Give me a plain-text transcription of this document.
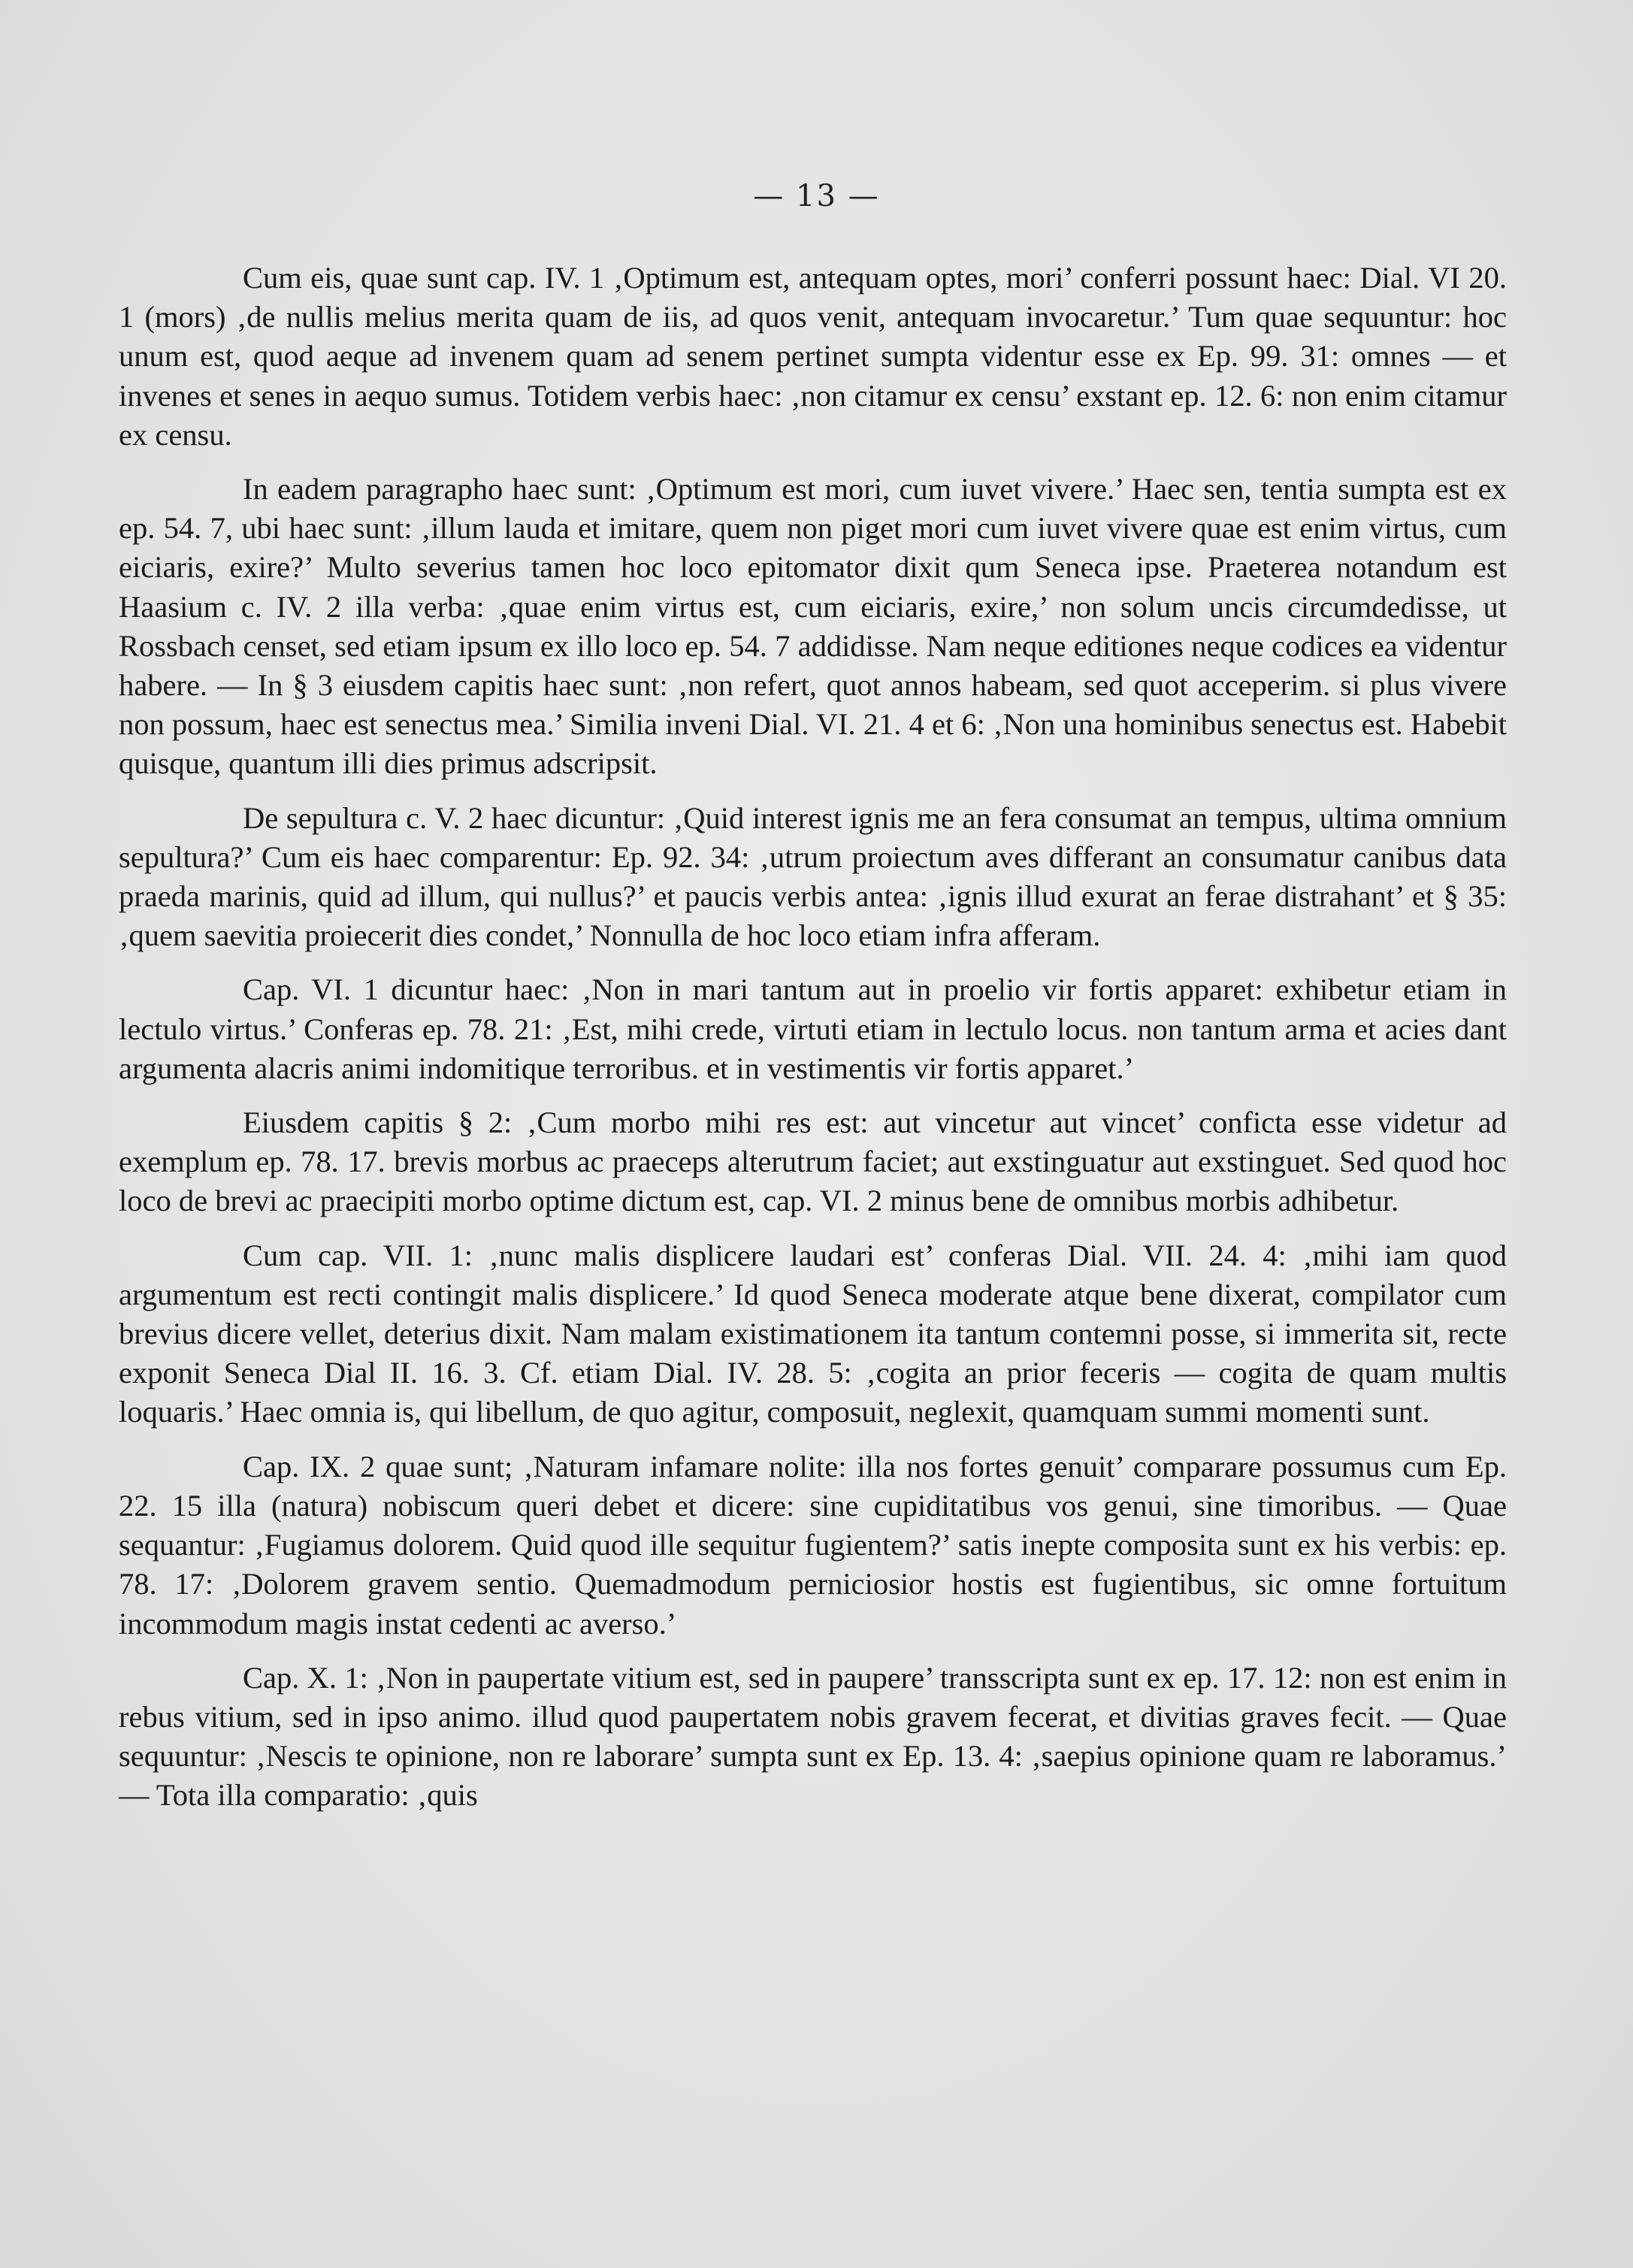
— 13 —

Cum eis, quae sunt cap. IV. 1 ‚Optimum est, antequam optes, mori’ conferri possunt haec: Dial. VI 20. 1 (mors) ‚de nullis melius merita quam de iis, ad quos venit, antequam invocaretur.’ Tum quae sequuntur: hoc unum est, quod aeque ad invenem quam ad senem pertinet sumpta videntur esse ex Ep. 99. 31: omnes — et invenes et senes in aequo sumus. Totidem verbis haec: ‚non citamur ex censu’ exstant ep. 12. 6: non enim citamur ex censu.

In eadem paragrapho haec sunt: ‚Optimum est mori, cum iuvet vivere.’ Haec sen, tentia sumpta est ex ep. 54. 7, ubi haec sunt: ‚illum lauda et imitare, quem non piget mori cum iuvet vivere quae est enim virtus, cum eiciaris, exire?’ Multo severius tamen hoc loco epitomator dixit qum Seneca ipse. Praeterea notandum est Haasium c. IV. 2 illa verba: ‚quae enim virtus est, cum eiciaris, exire,’ non solum uncis circumdedisse, ut Rossbach censet, sed etiam ipsum ex illo loco ep. 54. 7 addidisse. Nam neque editiones neque codices ea videntur habere. — In § 3 eiusdem capitis haec sunt: ‚non refert, quot annos habeam, sed quot acceperim. si plus vivere non possum, haec est senectus mea.’ Similia inveni Dial. VI. 21. 4 et 6: ‚Non una hominibus senectus est. Habebit quisque, quantum illi dies primus adscripsit.

De sepultura c. V. 2 haec dicuntur: ‚Quid interest ignis me an fera consumat an tempus, ultima omnium sepultura?’ Cum eis haec comparentur: Ep. 92. 34: ‚utrum proiectum aves differant an consumatur canibus data praeda marinis, quid ad illum, qui nullus?’ et paucis verbis antea: ‚ignis illud exurat an ferae distrahant’ et § 35: ‚quem saevitia proiecerit dies condet,’ Nonnulla de hoc loco etiam infra afferam.

Cap. VI. 1 dicuntur haec: ‚Non in mari tantum aut in proelio vir fortis apparet: exhibetur etiam in lectulo virtus.’ Conferas ep. 78. 21: ‚Est, mihi crede, virtuti etiam in lectulo locus. non tantum arma et acies dant argumenta alacris animi indomitique terroribus. et in vestimentis vir fortis apparet.’

Eiusdem capitis § 2: ‚Cum morbo mihi res est: aut vincetur aut vincet’ conficta esse videtur ad exemplum ep. 78. 17. brevis morbus ac praeceps alterutrum faciet; aut exstinguatur aut exstinguet. Sed quod hoc loco de brevi ac praecipiti morbo optime dictum est, cap. VI. 2 minus bene de omnibus morbis adhibetur.

Cum cap. VII. 1: ‚nunc malis displicere laudari est’ conferas Dial. VII. 24. 4: ‚mihi iam quod argumentum est recti contingit malis displicere.’ Id quod Seneca moderate atque bene dixerat, compilator cum brevius dicere vellet, deterius dixit. Nam malam existimationem ita tantum contemni posse, si immerita sit, recte exponit Seneca Dial II. 16. 3. Cf. etiam Dial. IV. 28. 5: ‚cogita an prior feceris — cogita de quam multis loquaris.’ Haec omnia is, qui libellum, de quo agitur, composuit, neglexit, quamquam summi momenti sunt.

Cap. IX. 2 quae sunt; ‚Naturam infamare nolite: illa nos fortes genuit’ comparare possumus cum Ep. 22. 15 illa (natura) nobiscum queri debet et dicere: sine cupiditatibus vos genui, sine timoribus. — Quae sequantur: ‚Fugiamus dolorem. Quid quod ille sequitur fugientem?’ satis inepte composita sunt ex his verbis: ep. 78. 17: ‚Dolorem gravem sentio. Quemadmodum perniciosior hostis est fugientibus, sic omne fortuitum incommodum magis instat cedenti ac averso.’

Cap. X. 1: ‚Non in paupertate vitium est, sed in paupere’ transscripta sunt ex ep. 17. 12: non est enim in rebus vitium, sed in ipso animo. illud quod paupertatem nobis gravem fecerat, et divitias graves fecit. — Quae sequuntur: ‚Nescis te opinione, non re laborare’ sumpta sunt ex Ep. 13. 4: ‚saepius opinione quam re laboramus.’ — Tota illa comparatio: ‚quis
